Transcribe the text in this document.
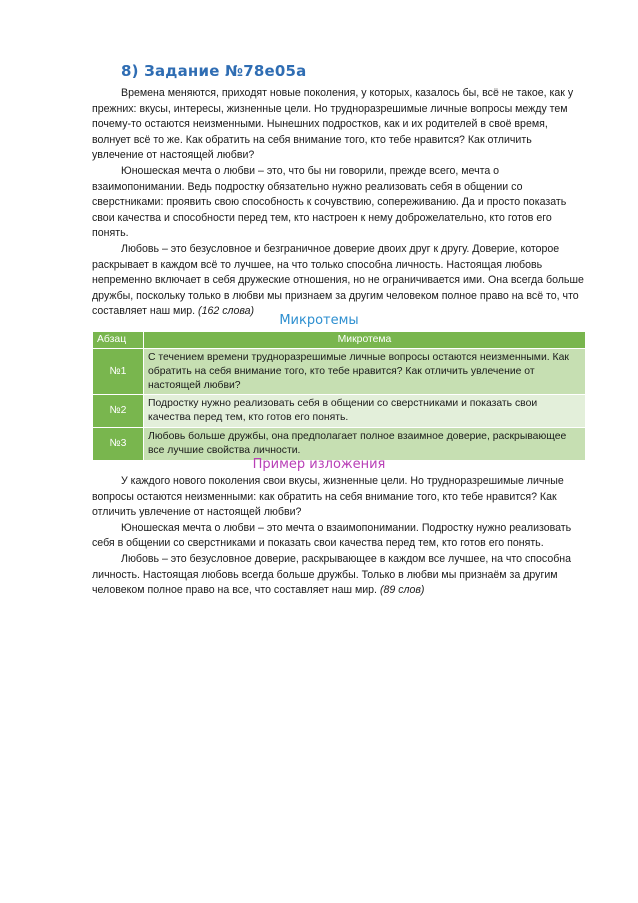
8) Задание №78e05a

Времена меняются, приходят новые поколения, у которых, казалось бы, всё не такое, как у прежних: вкусы, интересы, жизненные цели. Но трудноразрешимые личные вопросы между тем почему-то остаются неизменными. Нынешних подростков, как и их родителей в своё время, волнует всё то же. Как обратить на себя внимание того, кто тебе нравится? Как отличить увлечение от настоящей любви?

Юношеская мечта о любви – это, что бы ни говорили, прежде всего, мечта о взаимопонимании. Ведь подростку обязательно нужно реализовать себя в общении со сверстниками: проявить свою способность к сочувствию, сопереживанию. Да и просто показать свои качества и способности перед тем, кто настроен к нему доброжелательно, кто готов его понять.

Любовь – это безусловное и безграничное доверие двоих друг к другу. Доверие, которое раскрывает в каждом всё то лучшее, на что только способна личность. Настоящая любовь непременно включает в себя дружеские отношения, но не ограничивается ими. Она всегда больше дружбы, поскольку только в любви мы признаем за другим человеком полное право на всё то, что составляет наш мир. (162 слова)

Микротемы
Абзац	Микротема
№1	С течением времени трудноразрешимые личные вопросы остаются неизменными. Как обратить на себя внимание того, кто тебе нравится? Как отличить увлечение от настоящей любви?
№2	Подростку нужно реализовать себя в общении со сверстниками и показать свои качества перед тем, кто готов его понять.
№3	Любовь больше дружбы, она предполагает полное взаимное доверие, раскрывающее все лучшие свойства личности.
Пример изложения

У каждого нового поколения свои вкусы, жизненные цели. Но трудноразрешимые личные вопросы остаются неизменными: как обратить на себя внимание того, кто тебе нравится? Как отличить увлечение от настоящей любви?

Юношеская мечта о любви – это мечта о взаимопонимании. Подростку нужно реализовать себя в общении со сверстниками и показать свои качества перед тем, кто готов его понять.

Любовь – это безусловное доверие, раскрывающее в каждом все лучшее, на что способна личность. Настоящая любовь всегда больше дружбы. Только в любви мы признаём за другим человеком полное право на все, что составляет наш мир. (89 слов)
